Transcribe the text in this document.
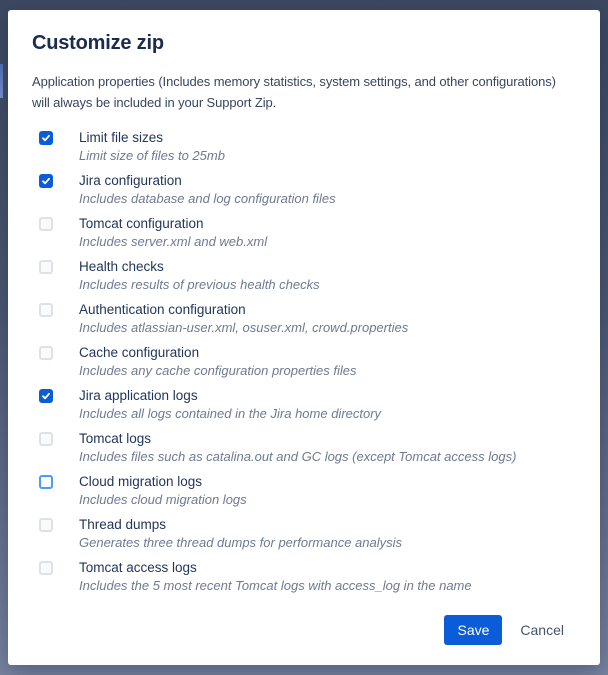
Customize zip
Application properties (Includes memory statistics, system settings, and other configurations) will always be included in your Support Zip.
Limit file sizes
Limit size of files to 25mb
Jira configuration
Includes database and log configuration files
Tomcat configuration
Includes server.xml and web.xml
Health checks
Includes results of previous health checks
Authentication configuration
Includes atlassian-user.xml, osuser.xml, crowd.properties
Cache configuration
Includes any cache configuration properties files
Jira application logs
Includes all logs contained in the Jira home directory
Tomcat logs
Includes files such as catalina.out and GC logs (except Tomcat access logs)
Cloud migration logs
Includes cloud migration logs
Thread dumps
Generates three thread dumps for performance analysis
Tomcat access logs
Includes the 5 most recent Tomcat logs with access_log in the name
Save	Cancel
